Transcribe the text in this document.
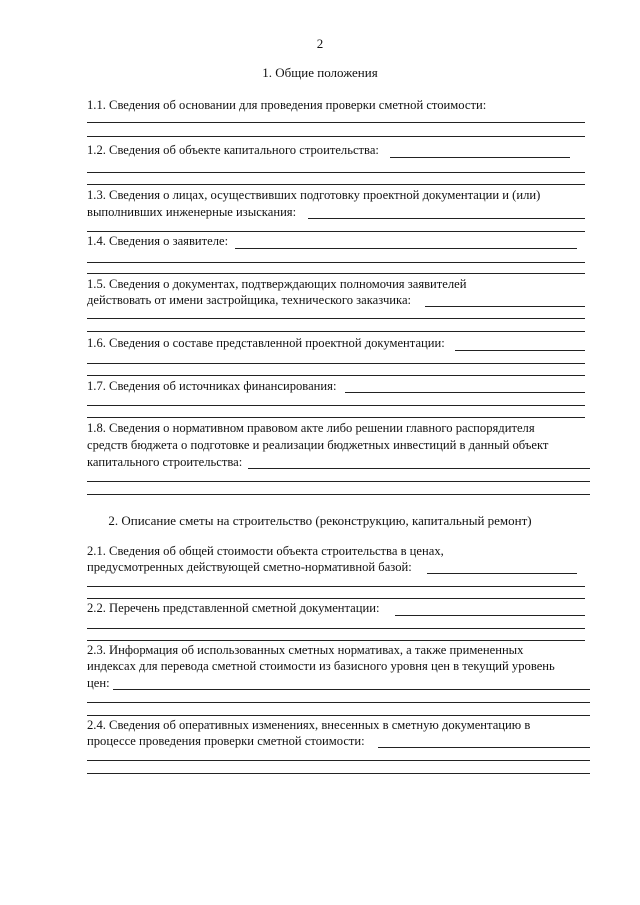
2
1. Общие положения
1.1. Сведения об основании для проведения проверки сметной стоимости:
1.2. Сведения об объекте капитального строительства:
1.3. Сведения о лицах, осуществивших подготовку проектной документации и (или)
выполнивших инженерные изыскания:
1.4. Сведения о заявителе:
1.5. Сведения о документах, подтверждающих полномочия заявителей
действовать от имени застройщика, технического заказчика:
1.6. Сведения о составе представленной проектной документации:
1.7. Сведения об источниках финансирования:
1.8. Сведения о нормативном правовом акте либо решении главного распорядителя
средств бюджета о подготовке и реализации бюджетных инвестиций в данный объект
капитального строительства:
2. Описание сметы на строительство (реконструкцию, капитальный ремонт)
2.1. Сведения об общей стоимости объекта строительства в ценах,
предусмотренных действующей сметно-нормативной базой:
2.2. Перечень представленной сметной документации:
2.3. Информация об использованных сметных нормативах, а также примененных
индексах для перевода сметной стоимости из базисного уровня цен в текущий уровень
цен:
2.4. Сведения об оперативных изменениях, внесенных в сметную документацию в
процессе проведения проверки сметной стоимости:
